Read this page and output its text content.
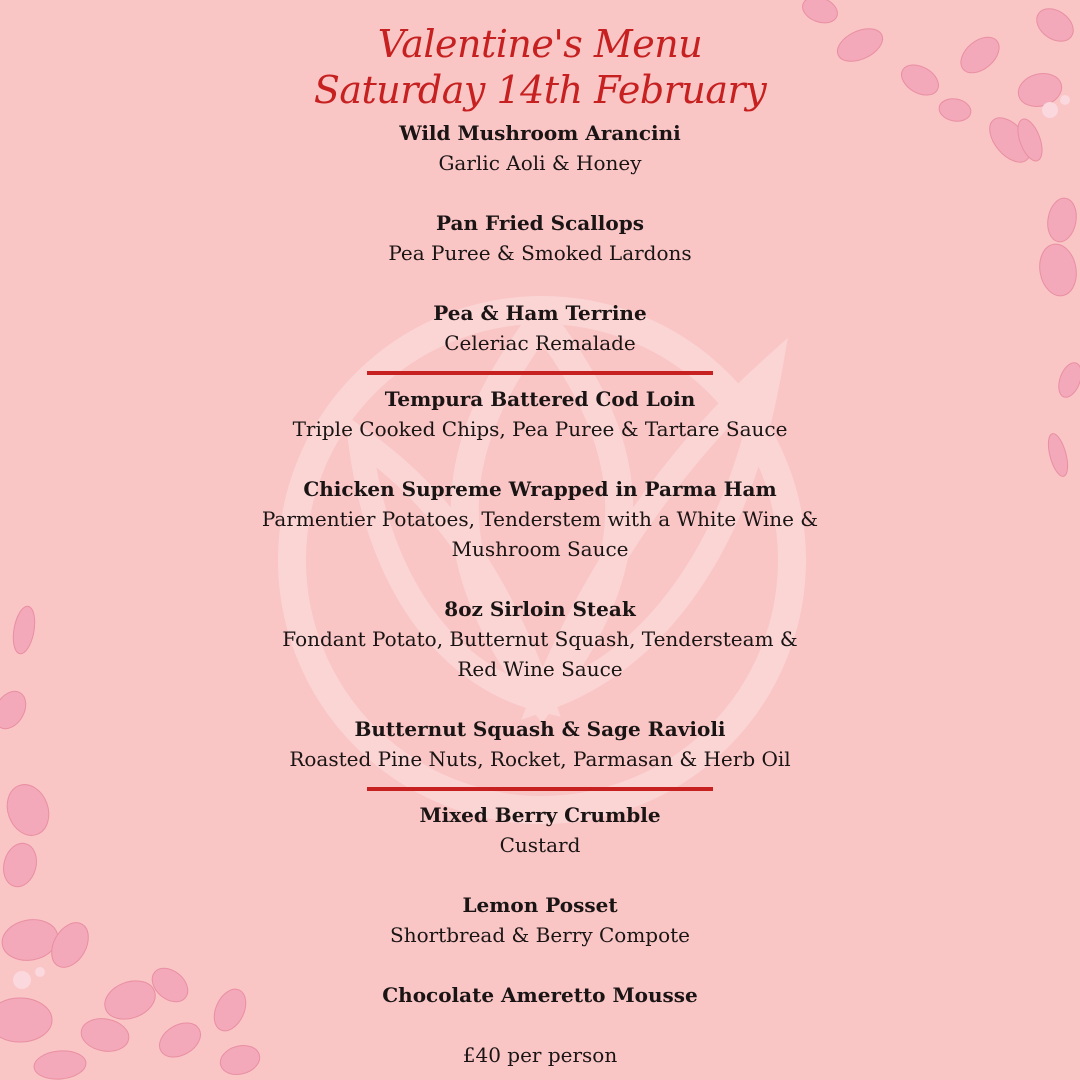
Valentine's Menu
Saturday 14th February
Wild Mushroom Arancini
Garlic Aoli & Honey
Pan Fried Scallops
Pea Puree & Smoked Lardons
Pea & Ham Terrine
Celeriac Remalade
Tempura Battered Cod Loin
Triple Cooked Chips, Pea Puree & Tartare Sauce
Chicken Supreme Wrapped in Parma Ham
Parmentier Potatoes, Tenderstem with a White Wine & Mushroom Sauce
8oz Sirloin Steak
Fondant Potato, Butternut Squash, Tendersteam & Red Wine Sauce
Butternut Squash & Sage Ravioli
Roasted Pine Nuts, Rocket, Parmasan & Herb Oil
Mixed Berry Crumble
Custard
Lemon Posset
Shortbread & Berry Compote
Chocolate Ameretto Mousse
£40 per person
